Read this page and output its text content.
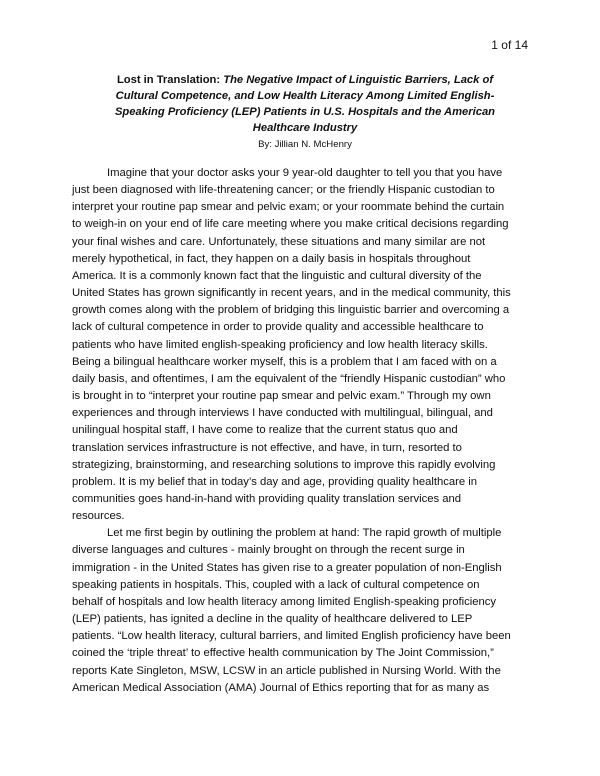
1 of 14
Lost in Translation: The Negative Impact of Linguistic Barriers, Lack of Cultural Competence, and Low Health Literacy Among Limited English-Speaking Proficiency (LEP) Patients in U.S. Hospitals and the American Healthcare Industry
By: Jillian N. McHenry
Imagine that your doctor asks your 9 year-old daughter to tell you that you have
just been diagnosed with life-threatening cancer; or the friendly Hispanic custodian to
interpret your routine pap smear and pelvic exam; or your roommate behind the curtain
to weigh-in on your end of life care meeting where you make critical decisions regarding
your final wishes and care. Unfortunately, these situations and many similar are not
merely hypothetical, in fact, they happen on a daily basis in hospitals throughout
America. It is a commonly known fact that the linguistic and cultural diversity of the
United States has grown significantly in recent years, and in the medical community, this
growth comes along with the problem of bridging this linguistic barrier and overcoming a
lack of cultural competence in order to provide quality and accessible healthcare to
patients who have limited english-speaking proficiency and low health literacy skills.
Being a bilingual healthcare worker myself, this is a problem that I am faced with on a
daily basis, and oftentimes, I am the equivalent of the “friendly Hispanic custodian” who
is brought in to “interpret your routine pap smear and pelvic exam.” Through my own
experiences and through interviews I have conducted with multilingual, bilingual, and
unilingual hospital staff, I have come to realize that the current status quo and
translation services infrastructure is not effective, and have, in turn, resorted to
strategizing, brainstorming, and researching solutions to improve this rapidly evolving
problem. It is my belief that in today’s day and age, providing quality healthcare in
communities goes hand-in-hand with providing quality translation services and
resources.
Let me first begin by outlining the problem at hand: The rapid growth of multiple
diverse languages and cultures - mainly brought on through the recent surge in
immigration - in the United States has given rise to a greater population of non-English
speaking patients in hospitals. This, coupled with a lack of cultural competence on
behalf of hospitals and low health literacy among limited English-speaking proficiency
(LEP) patients, has ignited a decline in the quality of healthcare delivered to LEP
patients. “Low health literacy, cultural barriers, and limited English proficiency have been
coined the ‘triple threat’ to effective health communication by The Joint Commission,”
reports Kate Singleton, MSW, LCSW in an article published in Nursing World. With the
American Medical Association (AMA) Journal of Ethics reporting that for as many as
